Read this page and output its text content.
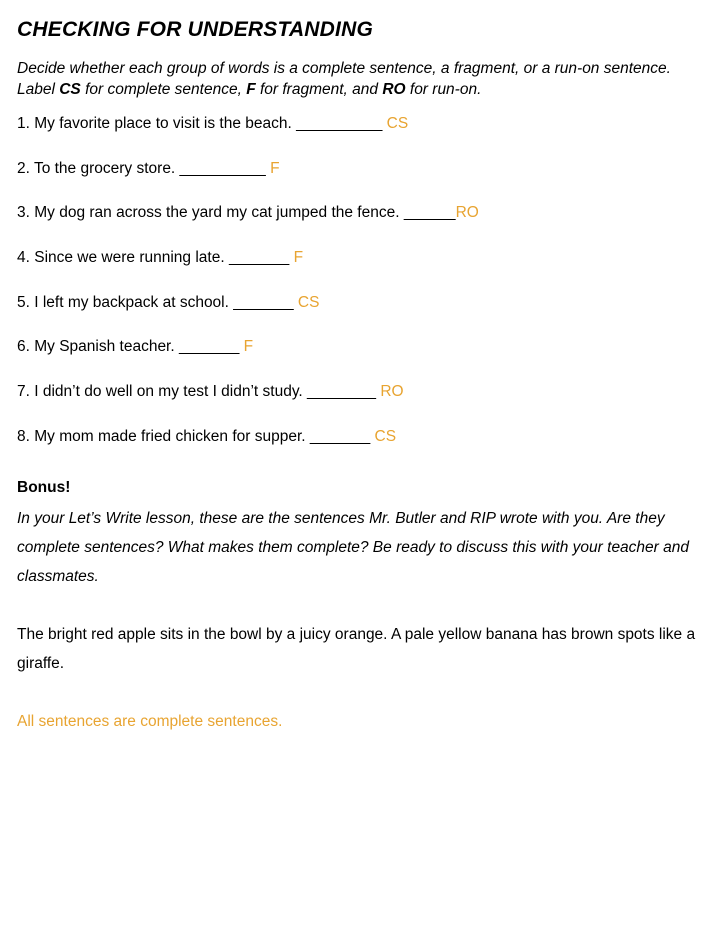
CHECKING FOR UNDERSTANDING
Decide whether each group of words is a complete sentence, a fragment, or a run-on sentence. Label CS for complete sentence, F for fragment, and RO for run-on.
1. My favorite place to visit is the beach. __________ CS
2. To the grocery store. __________ F
3. My dog ran across the yard my cat jumped the fence. ______RO
4. Since we were running late. _______ F
5. I left my backpack at school. _______ CS
6. My Spanish teacher. _______ F
7. I didn’t do well on my test I didn’t study. ________ RO
8. My mom made fried chicken for supper. _______ CS
Bonus!
In your Let’s Write lesson, these are the sentences Mr. Butler and RIP wrote with you. Are they complete sentences? What makes them complete? Be ready to discuss this with your teacher and classmates.
The bright red apple sits in the bowl by a juicy orange. A pale yellow banana has brown spots like a giraffe.
All sentences are complete sentences.
